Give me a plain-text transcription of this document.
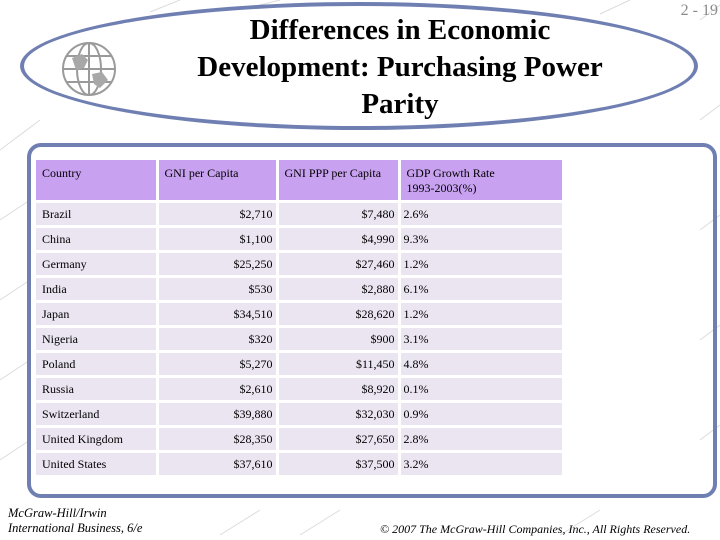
Differences in Economic
Development: Purchasing Power
Parity
2 - 19
Country	GNI per Capita	GNI PPP per Capita	GDP Growth Rate
1993-2003(%)
Brazil	$2,710	$7,480	2.6%
China	$1,100	$4,990	9.3%
Germany	$25,250	$27,460	1.2%
India	$530	$2,880	6.1%
Japan	$34,510	$28,620	1.2%
Nigeria	$320	$900	3.1%
Poland	$5,270	$11,450	4.8%
Russia	$2,610	$8,920	0.1%
Switzerland	$39,880	$32,030	0.9%
United Kingdom	$28,350	$27,650	2.8%
United States	$37,610	$37,500	3.2%
McGraw-Hill/Irwin
International Business, 6/e	© 2007 The McGraw-Hill Companies, Inc., All Rights Reserved.
